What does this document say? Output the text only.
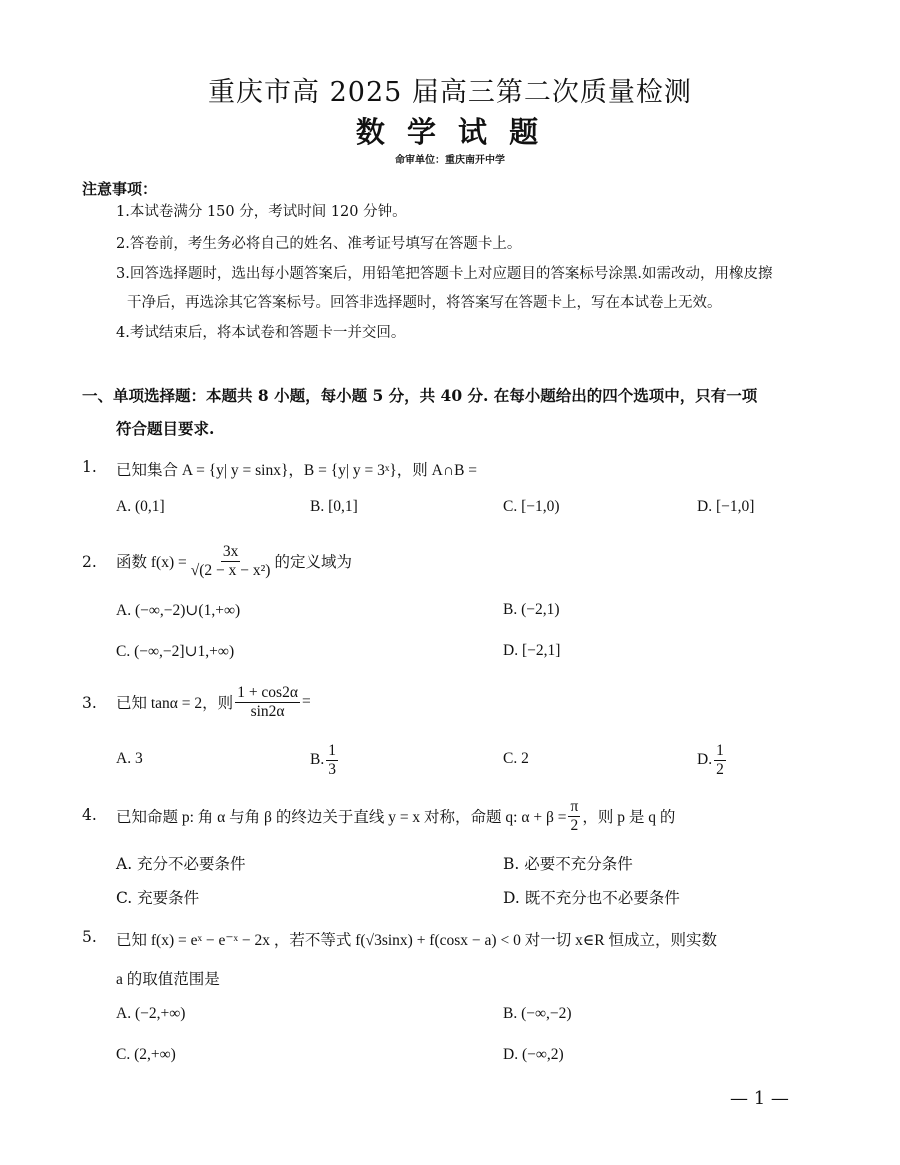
重庆市高 2025 届高三第二次质量检测
数 学 试 题
命审单位：重庆南开中学
注意事项：
1.本试卷满分 150 分，考试时间 120 分钟。
2.答卷前，考生务必将自己的姓名、准考证号填写在答题卡上。
3.回答选择题时，选出每小题答案后，用铅笔把答题卡上对应题目的答案标号涂黑.如需改动，用橡皮擦
干净后，再选涂其它答案标号。回答非选择题时，将答案写在答题卡上，写在本试卷上无效。
4.考试结束后，将本试卷和答题卡一并交回。
一、单项选择题：本题共 8 小题，每小题 5 分，共 40 分. 在每小题给出的四个选项中，只有一项
符合题目要求.
1. 已知集合 A = {y| y = sinx}，B = {y| y = 3ˣ}，则 A∩B =
A. (0,1]	B. [0,1]	C. [−1,0)	D. [−1,0]
2. 函数 $f(x) = \frac{3x}{\text{√(2 − x − x²)}}$ 的定义域为
A. (−∞,−2)∪(1,+∞)	B. (−2,1)
C. (−∞,−2]∪1,+∞)	D. [−2,1]
3. 已知 tanα = 2，则 $\frac{1 + \cos 2\alpha}{\sin 2\alpha}$ =
A. 3	B. $\frac{1}{3}$	C. 2	D. $\frac{1}{2}$
4. 已知命题 p: 角 α 与角 β 的终边关于直线 y = x 对称，命题 q: $\alpha + \beta = \frac{\pi}{2}$ ，则 p 是 q 的
A. 充分不必要条件	B. 必要不充分条件
C. 充要条件	D. 既不充分也不必要条件
5. 已知 f(x) = eˣ − e⁻ˣ − 2x ，若不等式 f(√3sinx) + f(cosx − a) < 0 对一切 x∈R 恒成立，则实数
a 的取值范围是
A. (−2,+∞)	B. (−∞,−2)
C. (2,+∞)	D. (−∞,2)
— 1 —
